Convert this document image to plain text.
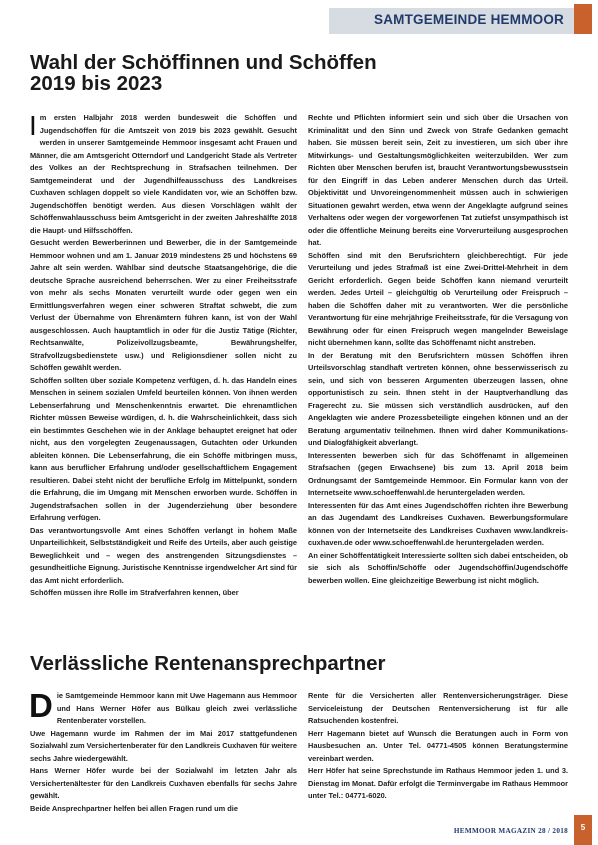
SAMTGEMEINDE HEMMOOR
Wahl der Schöffinnen und Schöffen
2019 bis 2023

Im ersten Halbjahr 2018 werden bundesweit die Schöffen und Jugendschöffen für die Amtszeit von 2019 bis 2023 gewählt. Gesucht werden in unserer Samtgemeinde Hemmoor insgesamt acht Frauen und Männer, die am Amtsgericht Otterndorf und Landgericht Stade als Vertreter des Volkes an der Rechtsprechung in Strafsachen teilnehmen. Der Samtgemeinderat und der Jugendhilfeausschuss des Landkreises Cuxhaven schlagen doppelt so viele Kandidaten vor, wie an Schöffen bzw. Jugendschöffen benötigt werden. Aus diesen Vorschlägen wählt der Schöffenwahlausschuss beim Amtsgericht in der zweiten Jahreshälfte 2018 die Haupt- und Hilfsschöffen.

Gesucht werden Bewerberinnen und Bewerber, die in der Samtgemeinde Hemmoor wohnen und am 1. Januar 2019 mindestens 25 und höchstens 69 Jahre alt sein werden. Wählbar sind deutsche Staatsangehörige, die die deutsche Sprache ausreichend beherrschen. Wer zu einer Freiheitsstrafe von mehr als sechs Monaten verurteilt wurde oder gegen wen ein Ermittlungsverfahren wegen einer schweren Straftat schwebt, die zum Verlust der Übernahme von Ehrenämtern führen kann, ist von der Wahl ausgeschlossen. Auch hauptamtlich in oder für die Justiz Tätige (Richter, Rechtsanwälte, Polizeivollzugsbeamte, Bewährungshelfer, Strafvollzugsbedienstete usw.) und Religionsdiener sollen nicht zu Schöffen gewählt werden.

Schöffen sollten über soziale Kompetenz verfügen, d. h. das Handeln eines Menschen in seinem sozialen Umfeld beurteilen können. Von ihnen werden Lebenserfahrung und Menschenkenntnis erwartet. Die ehrenamtlichen Richter müssen Beweise würdigen, d. h. die Wahrscheinlichkeit, dass sich ein bestimmtes Geschehen wie in der Anklage behauptet ereignet hat oder nicht, aus den vorgelegten Zeugenaussagen, Gutachten oder Urkunden ableiten können. Die Lebenserfahrung, die ein Schöffe mitbringen muss, kann aus beruflicher Erfahrung und/oder gesellschaftlichem Engagement resultieren. Dabei steht nicht der berufliche Erfolg im Mittelpunkt, sondern die Erfahrung, die im Umgang mit Menschen erworben wurde. Schöffen in Jugendstrafsachen sollen in der Jugenderziehung über besondere Erfahrung verfügen.

Das verantwortungsvolle Amt eines Schöffen verlangt in hohem Maße Unparteilichkeit, Selbstständigkeit und Reife des Urteils, aber auch geistige Beweglichkeit und – wegen des anstrengenden Sitzungsdienstes – gesundheitliche Eignung. Juristische Kenntnisse irgendwelcher Art sind für das Amt nicht erforderlich.

Schöffen müssen ihre Rolle im Strafverfahren kennen, über

Rechte und Pflichten informiert sein und sich über die Ursachen von Kriminalität und den Sinn und Zweck von Strafe Gedanken gemacht haben. Sie müssen bereit sein, Zeit zu investieren, um sich über ihre Mitwirkungs- und Gestaltungsmöglichkeiten weiterzubilden. Wer zum Richten über Menschen berufen ist, braucht Verantwortungsbewusstsein für den Eingriff in das Leben anderer Menschen durch das Urteil. Objektivität und Unvoreingenommenheit müssen auch in schwierigen Situationen gewahrt werden, etwa wenn der Angeklagte aufgrund seines Verhaltens oder wegen der vorgeworfenen Tat zutiefst unsympathisch ist oder die öffentliche Meinung bereits eine Vorverurteilung ausgesprochen hat.

Schöffen sind mit den Berufsrichtern gleichberechtigt. Für jede Verurteilung und jedes Strafmaß ist eine Zwei-Drittel-Mehrheit in dem Gericht erforderlich. Gegen beide Schöffen kann niemand verurteilt werden. Jedes Urteil – gleichgültig ob Verurteilung oder Freispruch – haben die Schöffen daher mit zu verantworten. Wer die persönliche Verantwortung für eine mehrjährige Freiheitsstrafe, für die Versagung von Bewährung oder für einen Freispruch wegen mangelnder Beweislage nicht übernehmen kann, sollte das Schöffenamt nicht anstreben.

In der Beratung mit den Berufsrichtern müssen Schöffen ihren Urteilsvorschlag standhaft vertreten können, ohne besserwisserisch zu sein, und sich von besseren Argumenten überzeugen lassen, ohne opportunistisch zu sein. Ihnen steht in der Hauptverhandlung das Fragerecht zu. Sie müssen sich verständlich ausdrücken, auf den Angeklagten wie andere Prozessbeteiligte eingehen können und an der Beratung argumentativ teilnehmen. Ihnen wird daher Kommunikations- und Dialogfähigkeit abverlangt.

Interessenten bewerben sich für das Schöffenamt in allgemeinen Strafsachen (gegen Erwachsene) bis zum 13. April 2018 beim Ordnungsamt der Samtgemeinde Hemmoor. Ein Formular kann von der Internetseite www.schoeffenwahl.de heruntergeladen werden.

Interessenten für das Amt eines Jugendschöffen richten ihre Bewerbung an das Jugendamt des Landkreises Cuxhaven. Bewerbungsformulare können von der Internetseite des Landkreises Cuxhaven www.landkreis-cuxhaven.de oder www.schoeffenwahl.de heruntergeladen werden.

An einer Schöffentätigkeit Interessierte sollten sich dabei entscheiden, ob sie sich als Schöffin/Schöffe oder Jugendschöffin/Jugendschöffe bewerben wollen. Eine gleichzeitige Bewerbung ist nicht möglich.

Verlässliche Rentenansprechpartner

Die Samtgemeinde Hemmoor kann mit Uwe Hagemann aus Hemmoor und Hans Werner Höfer aus Bülkau gleich zwei verlässliche Rentenberater vorstellen.

Uwe Hagemann wurde im Rahmen der im Mai 2017 stattgefundenen Sozialwahl zum Versichertenberater für den Landkreis Cuxhaven für weitere sechs Jahre wiedergewählt.

Hans Werner Höfer wurde bei der Sozialwahl im letzten Jahr als Versichertenältester für den Landkreis Cuxhaven ebenfalls für sechs Jahre gewählt.

Beide Ansprechpartner helfen bei allen Fragen rund um die

Rente für die Versicherten aller Rentenversicherungsträger. Diese Serviceleistung der Deutschen Rentenversicherung ist für alle Ratsuchenden kostenfrei.

Herr Hagemann bietet auf Wunsch die Beratungen auch in Form von Hausbesuchen an. Unter Tel. 04771-4505 können Beratungstermine vereinbart werden.

Herr Höfer hat seine Sprechstunde im Rathaus Hemmoor jeden 1. und 3. Dienstag im Monat. Dafür erfolgt die Terminvergabe im Rathaus Hemmoor unter Tel.: 04771-6020.

HEMMOOR MAGAZIN 28 / 2018	5
